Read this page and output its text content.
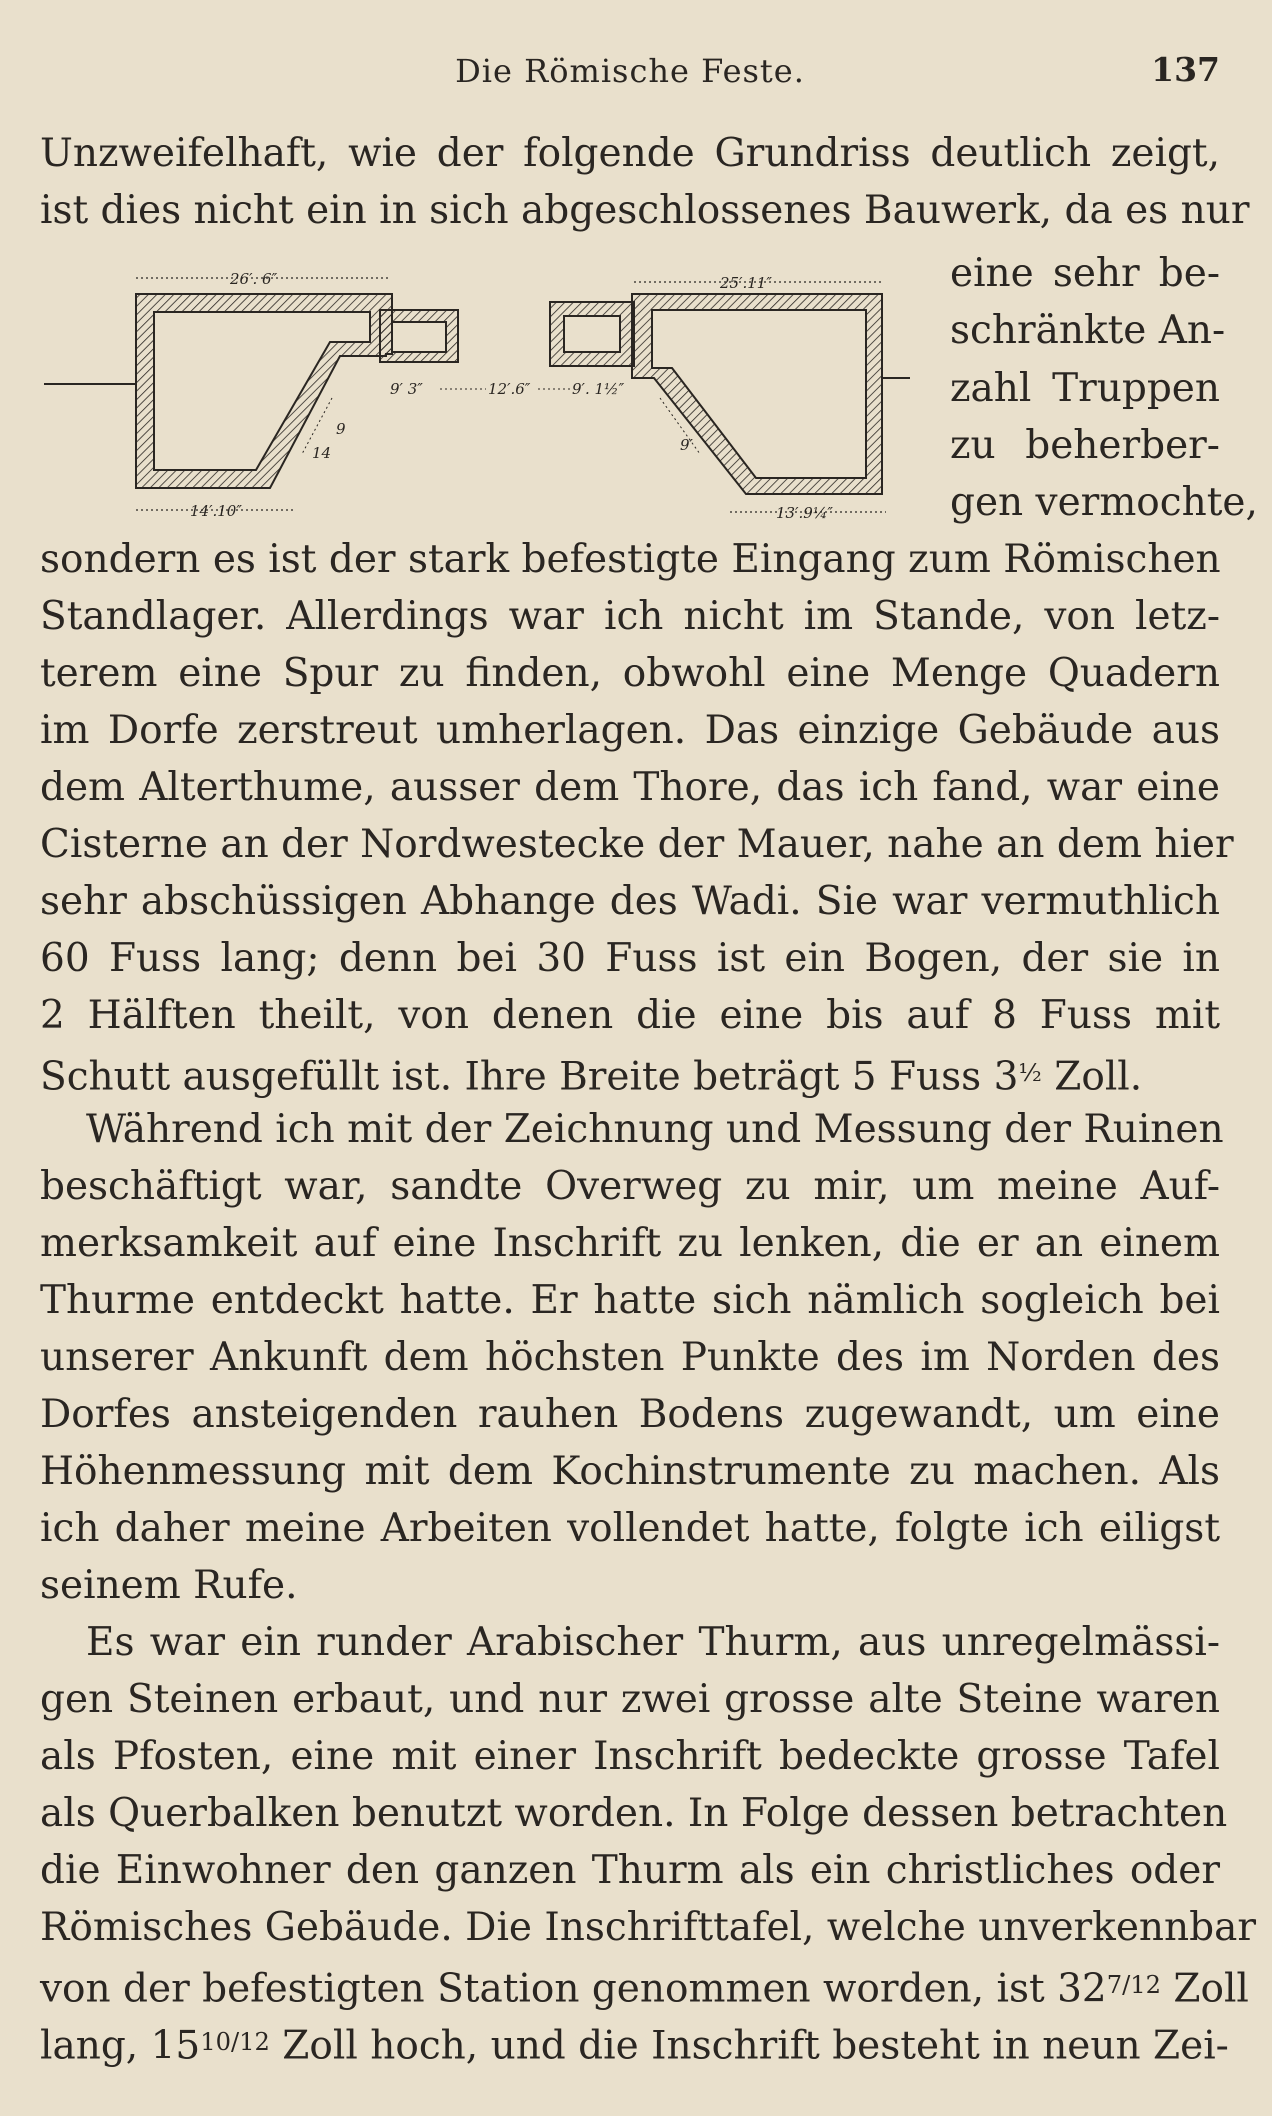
Die Römische Feste.	137
Unzweifelhaft, wie der folgende Grundriss deutlich zeigt,
ist dies nicht ein in sich abgeschlossenes Bauwerk, da es nur
26′. 6″	25′.11″
9′ 3″	12′.6″	9′. 1½″
9
14	9′
14′.10″	13′.9¼″
eine sehr be-
schränkte An-
zahl Truppen
zu beherber-
gen vermochte,
sondern es ist der stark befestigte Eingang zum Römischen
Standlager. Allerdings war ich nicht im Stande, von letz-
terem eine Spur zu finden, obwohl eine Menge Quadern
im Dorfe zerstreut umherlagen. Das einzige Gebäude aus
dem Alterthume, ausser dem Thore, das ich fand, war eine
Cisterne an der Nordwestecke der Mauer, nahe an dem hier
sehr abschüssigen Abhange des Wadi. Sie war vermuthlich
60 Fuss lang; denn bei 30 Fuss ist ein Bogen, der sie in
2 Hälften theilt, von denen die eine bis auf 8 Fuss mit
Schutt ausgefüllt ist. Ihre Breite beträgt 5 Fuss $3^{\frac{1}{2}}$ Zoll.
Während ich mit der Zeichnung und Messung der Ruinen
beschäftigt war, sandte Overweg zu mir, um meine Auf-
merksamkeit auf eine Inschrift zu lenken, die er an einem
Thurme entdeckt hatte. Er hatte sich nämlich sogleich bei
unserer Ankunft dem höchsten Punkte des im Norden des
Dorfes ansteigenden rauhen Bodens zugewandt, um eine
Höhenmessung mit dem Kochinstrumente zu machen. Als
ich daher meine Arbeiten vollendet hatte, folgte ich eiligst
seinem Rufe.
Es war ein runder Arabischer Thurm, aus unregelmässi-
gen Steinen erbaut, und nur zwei grosse alte Steine waren
als Pfosten, eine mit einer Inschrift bedeckte grosse Tafel
als Querbalken benutzt worden. In Folge dessen betrachten
die Einwohner den ganzen Thurm als ein christliches oder
Römisches Gebäude. Die Inschrifttafel, welche unverkennbar
von der befestigten Station genommen worden, ist $32^{7/12}$ Zoll
lang, $15^{10/12}$ Zoll hoch, und die Inschrift besteht in neun Zei-
